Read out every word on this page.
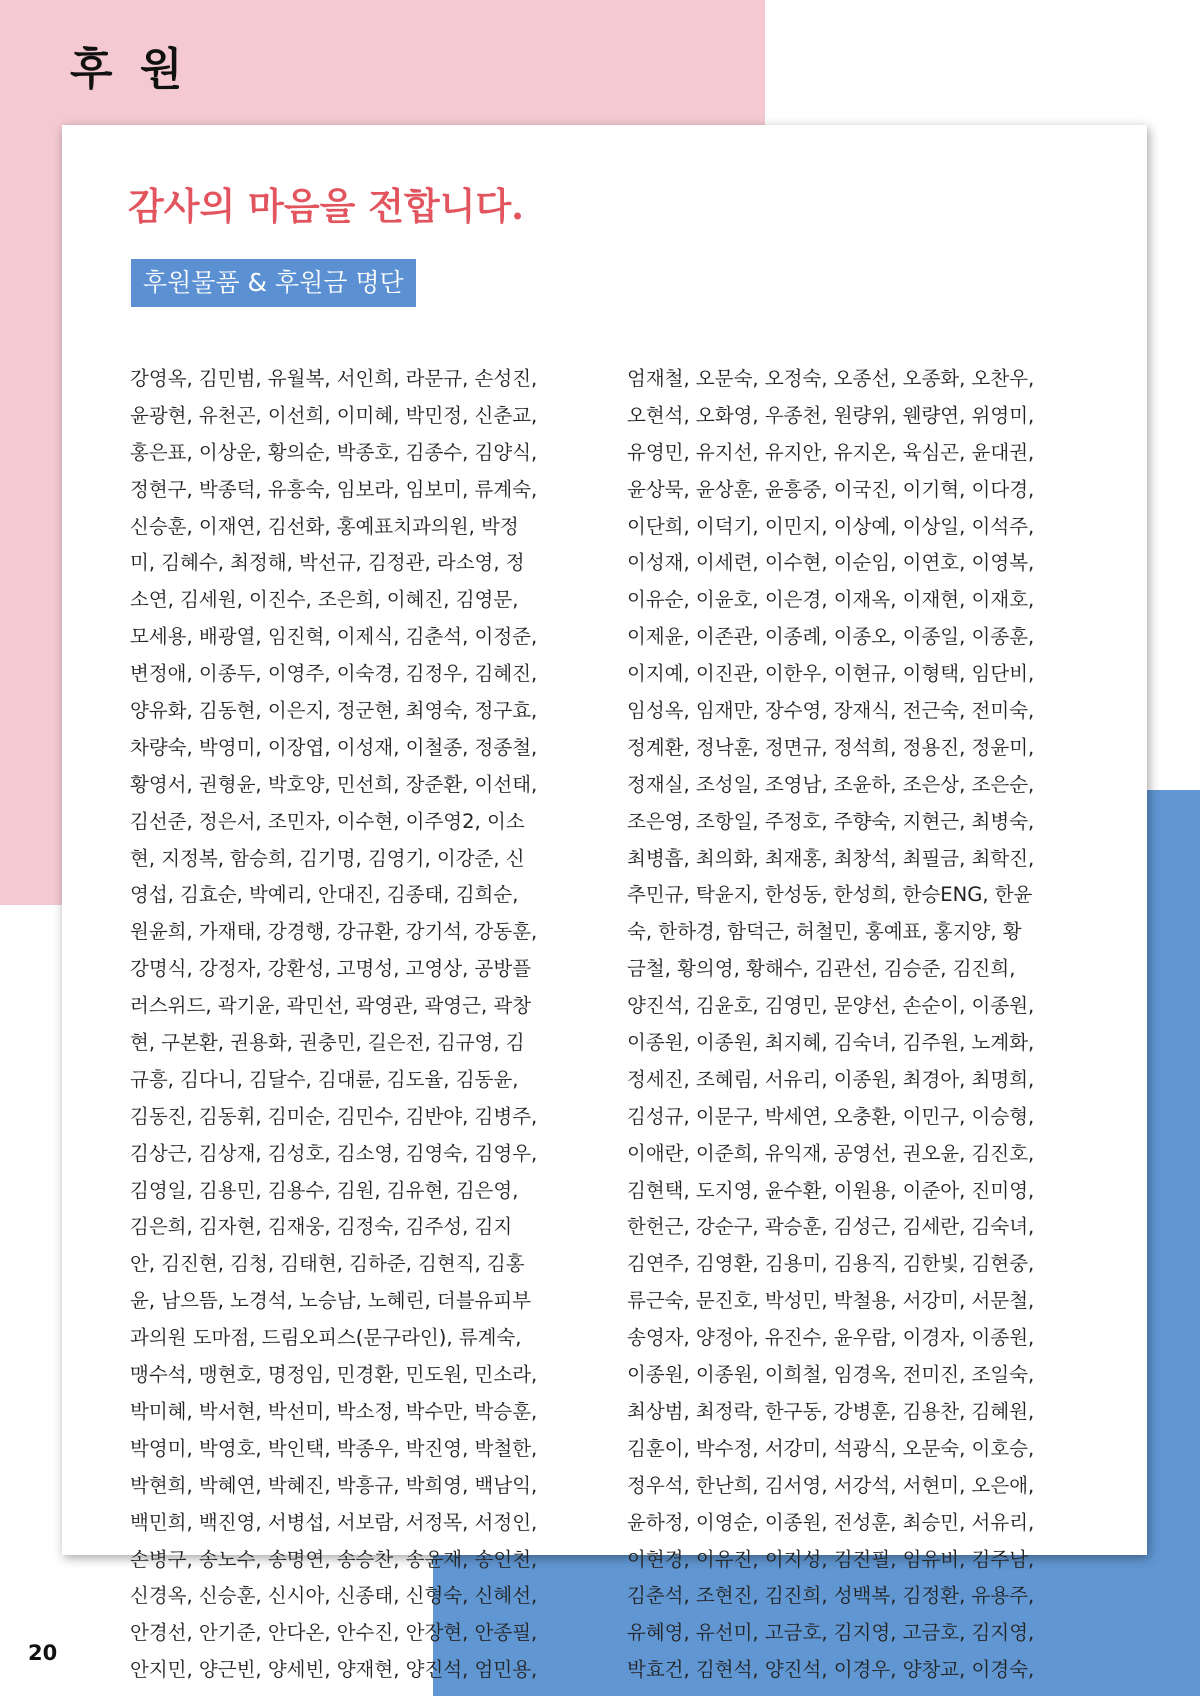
후 원
감사의 마음을 전합니다.
후원물품 & 후원금 명단
강영옥, 김민범, 유월복, 서인희, 라문규, 손성진,
윤광현, 유천곤, 이선희, 이미혜, 박민정, 신춘교,
홍은표, 이상운, 황의순, 박종호, 김종수, 김양식,
정현구, 박종덕, 유흥숙, 임보라, 임보미, 류계숙,
신승훈, 이재연, 김선화, 홍예표치과의원, 박정
미, 김혜수, 최정해, 박선규, 김정관, 라소영, 정
소연, 김세원, 이진수, 조은희, 이혜진, 김영문,
모세용, 배광열, 임진혁, 이제식, 김춘석, 이정준,
변정애, 이종두, 이영주, 이숙경, 김정우, 김혜진,
양유화, 김동현, 이은지, 정군현, 최영숙, 정구효,
차량숙, 박영미, 이장엽, 이성재, 이철종, 정종철,
황영서, 권형윤, 박호양, 민선희, 장준환, 이선태,
김선준, 정은서, 조민자, 이수현, 이주영2, 이소
현, 지정복, 함승희, 김기명, 김영기, 이강준, 신
영섭, 김효순, 박예리, 안대진, 김종태, 김희순,
원윤희, 가재태, 강경행, 강규환, 강기석, 강동훈,
강명식, 강정자, 강환성, 고명성, 고영상, 공방플
러스위드, 곽기윤, 곽민선, 곽영관, 곽영근, 곽창
현, 구본환, 권용화, 권충민, 길은전, 김규영, 김
규흥, 김다니, 김달수, 김대륜, 김도율, 김동윤,
김동진, 김동휘, 김미순, 김민수, 김반야, 김병주,
김상근, 김상재, 김성호, 김소영, 김영숙, 김영우,
김영일, 김용민, 김용수, 김원, 김유현, 김은영,
김은희, 김자현, 김재웅, 김정숙, 김주성, 김지
안, 김진현, 김청, 김태현, 김하준, 김현직, 김홍
윤, 남으뜸, 노경석, 노승남, 노혜린, 더블유피부
과의원 도마점, 드림오피스(문구라인), 류계숙,
맹수석, 맹현호, 명정임, 민경환, 민도원, 민소라,
박미혜, 박서현, 박선미, 박소정, 박수만, 박승훈,
박영미, 박영호, 박인택, 박종우, 박진영, 박철한,
박현희, 박혜연, 박혜진, 박흥규, 박희영, 백남익,
백민희, 백진영, 서병섭, 서보람, 서정목, 서정인,
손병구, 송노수, 송명연, 송승찬, 송윤재, 송인천,
신경옥, 신승훈, 신시아, 신종태, 신형숙, 신혜선,
안경선, 안기준, 안다온, 안수진, 안장현, 안종필,
안지민, 양근빈, 양세빈, 양재현, 양진석, 엄민용,
엄재철, 오문숙, 오정숙, 오종선, 오종화, 오찬우,
오현석, 오화영, 우종천, 원량위, 웬량연, 위영미,
유영민, 유지선, 유지안, 유지온, 육심곤, 윤대권,
윤상묵, 윤상훈, 윤흥중, 이국진, 이기혁, 이다경,
이단희, 이덕기, 이민지, 이상예, 이상일, 이석주,
이성재, 이세련, 이수현, 이순임, 이연호, 이영복,
이유순, 이윤호, 이은경, 이재옥, 이재현, 이재호,
이제윤, 이존관, 이종례, 이종오, 이종일, 이종훈,
이지예, 이진관, 이한우, 이현규, 이형택, 임단비,
임성옥, 임재만, 장수영, 장재식, 전근숙, 전미숙,
정계환, 정낙훈, 정면규, 정석희, 정용진, 정윤미,
정재실, 조성일, 조영남, 조윤하, 조은상, 조은순,
조은영, 조항일, 주정호, 주향숙, 지현근, 최병숙,
최병흡, 최의화, 최재홍, 최창석, 최필금, 최학진,
추민규, 탁윤지, 한성동, 한성희, 한승ENG, 한윤
숙, 한하경, 함덕근, 허철민, 홍예표, 홍지양, 황
금철, 황의영, 황해수, 김관선, 김승준, 김진희,
양진석, 김윤호, 김영민, 문양선, 손순이, 이종원,
이종원, 이종원, 최지혜, 김숙녀, 김주원, 노계화,
정세진, 조혜림, 서유리, 이종원, 최경아, 최명희,
김성규, 이문구, 박세연, 오충환, 이민구, 이승형,
이애란, 이준희, 유익재, 공영선, 권오윤, 김진호,
김현택, 도지영, 윤수환, 이원용, 이준아, 진미영,
한헌근, 강순구, 곽승훈, 김성근, 김세란, 김숙녀,
김연주, 김영환, 김용미, 김용직, 김한빛, 김현중,
류근숙, 문진호, 박성민, 박철용, 서강미, 서문철,
송영자, 양정아, 유진수, 윤우람, 이경자, 이종원,
이종원, 이종원, 이희철, 임경옥, 전미진, 조일숙,
최상범, 최정락, 한구동, 강병훈, 김용찬, 김혜원,
김훈이, 박수정, 서강미, 석광식, 오문숙, 이호승,
정우석, 한난희, 김서영, 서강석, 서현미, 오은애,
윤하정, 이영순, 이종원, 전성훈, 최승민, 서유리,
이현경, 이유진, 이지성, 김진필, 임유비, 김주남,
김춘석, 조현진, 김진희, 성백복, 김정환, 유용주,
유혜영, 유선미, 고금호, 김지영, 고금호, 김지영,
박효건, 김현석, 양진석, 이경우, 양창교, 이경숙,
20
